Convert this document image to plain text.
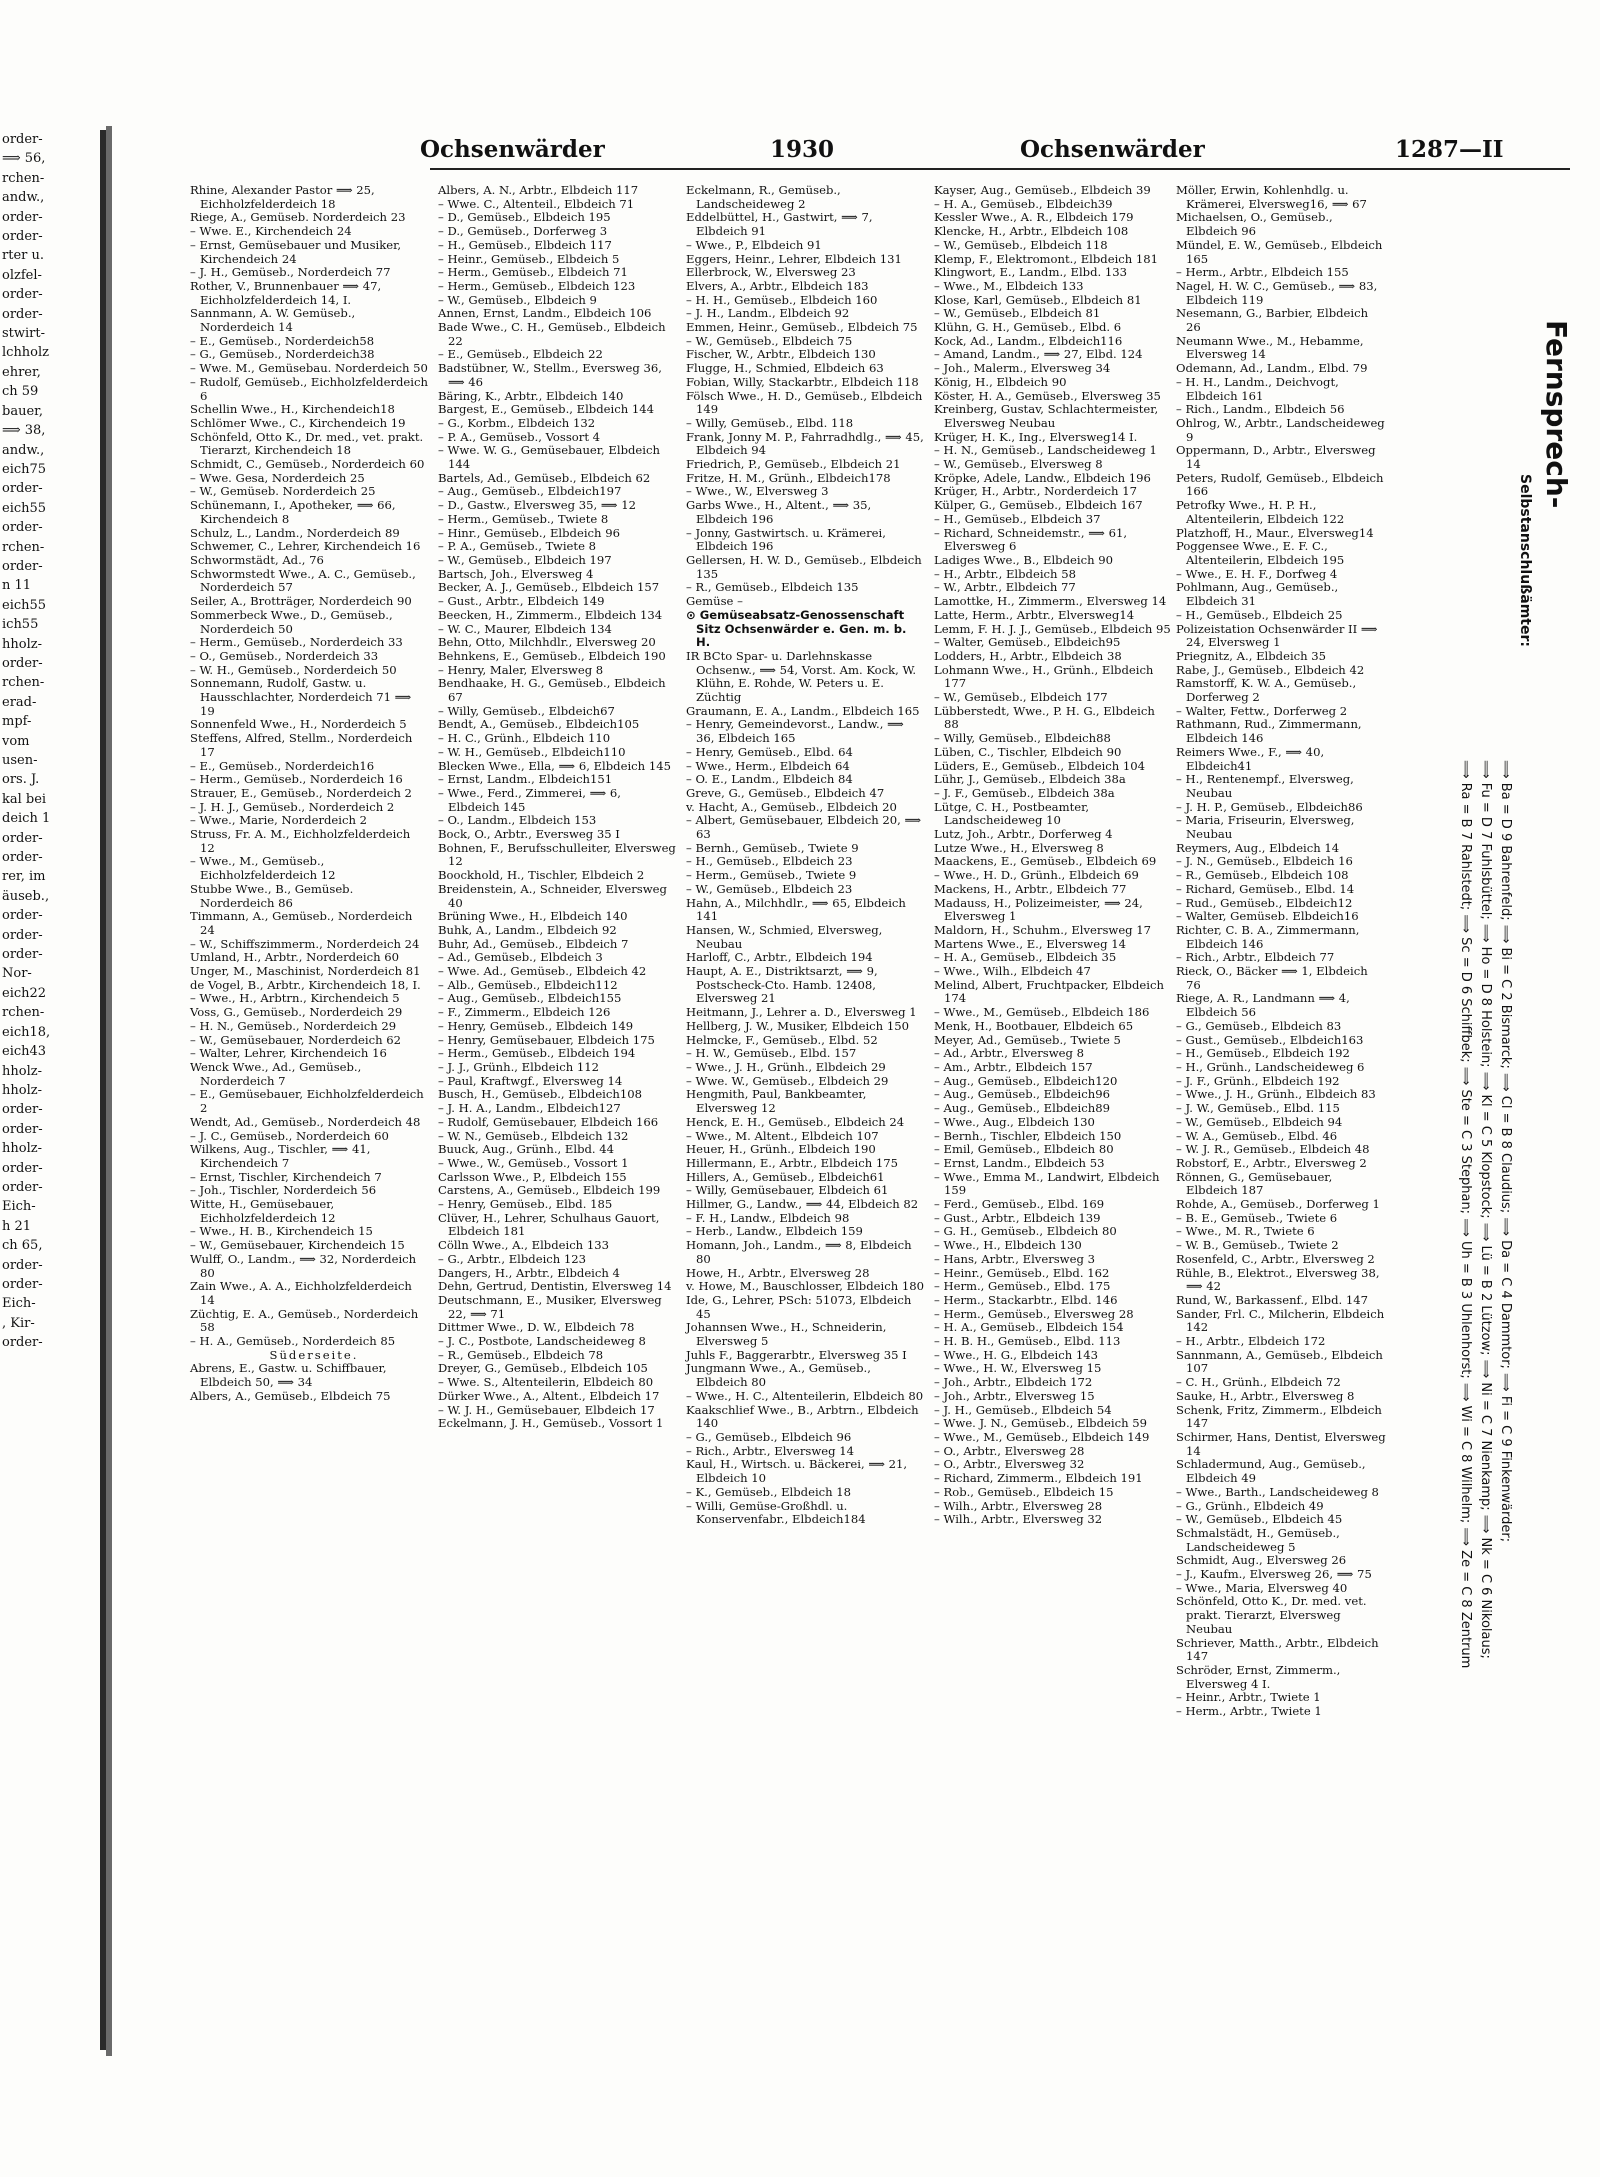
order-
⟹ 56,
rchen-
andw.,
order-
order-
rter u.
olzfel-
order-
order-
stwirt-
lchholz
ehrer,
ch 59
bauer,
⟹ 38,
andw.,
eich75
order-
eich55
order-
rchen-
order-
n 11
eich55
ich55
hholz-
order-
rchen-
erad-
mpf-
vom
usen-
ors. J.
kal bei
deich 1
order-
order-
rer, im
äuseb.,
order-
order-
order-
Nor-
eich22
rchen-
eich18,
eich43
hholz-
hholz-
order-
order-
hholz-
order-
order-
Eich-
h 21
ch 65,
order-
order-
Eich-
, Kir-
order-
Ochsenwärder	1930	Ochsenwärder	1287—II

Rhine, Alexander Pastor ⟹ 25, Eichholzfelderdeich 18

Riege, A., Gemüseb. Norderdeich 23

– Wwe. E., Kirchendeich 24

– Ernst, Gemüsebauer und Musiker, Kirchendeich 24

– J. H., Gemüseb., Norderdeich 77

Rother, V., Brunnenbauer ⟹ 47, Eichholzfelderdeich 14, I.

Sannmann, A. W. Gemüseb., Norderdeich 14

– E., Gemüseb., Norderdeich58

– G., Gemüseb., Norderdeich38

– Wwe. M., Gemüsebau. Norderdeich 50

– Rudolf, Gemüseb., Eichholzfelderdeich 6

Schellin Wwe., H., Kirchendeich18

Schlömer Wwe., C., Kirchendeich 19

Schönfeld, Otto K., Dr. med., vet. prakt. Tierarzt, Kirchendeich 18

Schmidt, C., Gemüseb., Norderdeich 60

– Wwe. Gesa, Norderdeich 25

– W., Gemüseb. Norderdeich 25

Schünemann, I., Apotheker, ⟹ 66, Kirchendeich 8

Schulz, L., Landm., Norderdeich 89

Schwemer, C., Lehrer, Kirchendeich 16

Schwormstädt, Ad., 76

Schwormstedt Wwe., A. C., Gemüseb., Norderdeich 57

Seiler, A., Brotträger, Norderdeich 90

Sommerbeck Wwe., D., Gemüseb., Norderdeich 50

– Herm., Gemüseb., Norderdeich 33

– O., Gemüseb., Norderdeich 33

– W. H., Gemüseb., Norderdeich 50

Sonnemann, Rudolf, Gastw. u. Hausschlachter, Norderdeich 71 ⟹ 19

Sonnenfeld Wwe., H., Norderdeich 5

Steffens, Alfred, Stellm., Norderdeich 17

– E., Gemüseb., Norderdeich16

– Herm., Gemüseb., Norderdeich 16

Strauer, E., Gemüseb., Norderdeich 2

– J. H. J., Gemüseb., Norderdeich 2

– Wwe., Marie, Norderdeich 2

Struss, Fr. A. M., Eichholzfelderdeich 12

– Wwe., M., Gemüseb., Eichholzfelderdeich 12

Stubbe Wwe., B., Gemüseb. Norderdeich 86

Timmann, A., Gemüseb., Norderdeich 24

– W., Schiffszimmerm., Norderdeich 24

Umland, H., Arbtr., Norderdeich 60

Unger, M., Maschinist, Norderdeich 81

de Vogel, B., Arbtr., Kirchendeich 18, I.

– Wwe., H., Arbtrn., Kirchendeich 5

Voss, G., Gemüseb., Norderdeich 29

– H. N., Gemüseb., Norderdeich 29

– W., Gemüsebauer, Norderdeich 62

– Walter, Lehrer, Kirchendeich 16

Wenck Wwe., Ad., Gemüseb., Norderdeich 7

– E., Gemüsebauer, Eichholzfelderdeich 2

Wendt, Ad., Gemüseb., Norderdeich 48

– J. C., Gemüseb., Norderdeich 60

Wilkens, Aug., Tischler, ⟹ 41, Kirchendeich 7

– Ernst, Tischler, Kirchendeich 7

– Joh., Tischler, Norderdeich 56

Witte, H., Gemüsebauer, Eichholzfelderdeich 12

– Wwe., H. B., Kirchendeich 15

– W., Gemüsebauer, Kirchendeich 15

Wulff, O., Landm., ⟹ 32, Norderdeich 80

Zain Wwe., A. A., Eichholzfelderdeich 14

Züchtig, E. A., Gemüseb., Norderdeich 58

– H. A., Gemüseb., Norderdeich 85

Süderseite.

Abrens, E., Gastw. u. Schiffbauer, Elbdeich 50, ⟹ 34

Albers, A., Gemüseb., Elbdeich 75

Albers, A. N., Arbtr., Elbdeich 117

– Wwe. C., Altenteil., Elbdeich 71

– D., Gemüseb., Elbdeich 195

– D., Gemüseb., Dorferweg 3

– H., Gemüseb., Elbdeich 117

– Heinr., Gemüseb., Elbdeich 5

– Herm., Gemüseb., Elbdeich 71

– Herm., Gemüseb., Elbdeich 123

– W., Gemüseb., Elbdeich 9

Annen, Ernst, Landm., Elbdeich 106

Bade Wwe., C. H., Gemüseb., Elbdeich 22

– E., Gemüseb., Elbdeich 22

Badstübner, W., Stellm., Eversweg 36, ⟹ 46

Bäring, K., Arbtr., Elbdeich 140

Bargest, E., Gemüseb., Elbdeich 144

– G., Korbm., Elbdeich 132

– P. A., Gemüseb., Vossort 4

– Wwe. W. G., Gemüsebauer, Elbdeich 144

Bartels, Ad., Gemüseb., Elbdeich 62

– Aug., Gemüseb., Elbdeich197

– D., Gastw., Elversweg 35, ⟹ 12

– Herm., Gemüseb., Twiete 8

– Hinr., Gemüseb., Elbdeich 96

– P. A., Gemüseb., Twiete 8

– W., Gemüseb., Elbdeich 197

Bartsch, Joh., Elversweg 4

Becker, A. J., Gemüseb., Elbdeich 157

– Gust., Arbtr., Elbdeich 149

Beecken, H., Zimmerm., Elbdeich 134

– W. C., Maurer, Elbdeich 134

Behn, Otto, Milchhdlr., Elversweg 20

Behnkens, E., Gemüseb., Elbdeich 190

– Henry, Maler, Elversweg 8

Bendhaake, H. G., Gemüseb., Elbdeich 67

– Willy, Gemüseb., Elbdeich67

Bendt, A., Gemüseb., Elbdeich105

– H. C., Grünh., Elbdeich 110

– W. H., Gemüseb., Elbdeich110

Blecken Wwe., Ella, ⟹ 6, Elbdeich 145

– Ernst, Landm., Elbdeich151

– Wwe., Ferd., Zimmerei, ⟹ 6, Elbdeich 145

– O., Landm., Elbdeich 153

Bock, O., Arbtr., Eversweg 35 I

Bohnen, F., Berufsschulleiter, Elversweg 12

Boockhold, H., Tischler, Elbdeich 2

Breidenstein, A., Schneider, Elversweg 40

Brüning Wwe., H., Elbdeich 140

Buhk, A., Landm., Elbdeich 92

Buhr, Ad., Gemüseb., Elbdeich 7

– Ad., Gemüseb., Elbdeich 3

– Wwe. Ad., Gemüseb., Elbdeich 42

– Alb., Gemüseb., Elbdeich112

– Aug., Gemüseb., Elbdeich155

– F., Zimmerm., Elbdeich 126

– Henry, Gemüseb., Elbdeich 149

– Henry, Gemüsebauer, Elbdeich 175

– Herm., Gemüseb., Elbdeich 194

– J. J., Grünh., Elbdeich 112

– Paul, Kraftwgf., Elversweg 14

Busch, H., Gemüseb., Elbdeich108

– J. H. A., Landm., Elbdeich127

– Rudolf, Gemüsebauer, Elbdeich 166

– W. N., Gemüseb., Elbdeich 132

Buuck, Aug., Grünh., Elbd. 44

– Wwe., W., Gemüseb., Vossort 1

Carlsson Wwe., P., Elbdeich 155

Carstens, A., Gemüseb., Elbdeich 199

– Henry, Gemüseb., Elbd. 185

Clüver, H., Lehrer, Schulhaus Gauort, Elbdeich 181

Cölln Wwe., A., Elbdeich 133

– G., Arbtr., Elbdeich 123

Dangers, H., Arbtr., Elbdeich 4

Dehn, Gertrud, Dentistin, Elversweg 14

Deutschmann, E., Musiker, Elversweg 22, ⟹ 71

Dittmer Wwe., D. W., Elbdeich 78

– J. C., Postbote, Landscheideweg 8

– R., Gemüseb., Elbdeich 78

Dreyer, G., Gemüseb., Elbdeich 105

– Wwe. S., Altenteilerin, Elbdeich 80

Dürker Wwe., A., Altent., Elbdeich 17

– W. J. H., Gemüsebauer, Elbdeich 17

Eckelmann, J. H., Gemüseb., Vossort 1

Eckelmann, R., Gemüseb., Landscheideweg 2

Eddelbüttel, H., Gastwirt, ⟹ 7, Elbdeich 91

– Wwe., P., Elbdeich 91

Eggers, Heinr., Lehrer, Elbdeich 131

Ellerbrock, W., Elversweg 23

Elvers, A., Arbtr., Elbdeich 183

– H. H., Gemüseb., Elbdeich 160

– J. H., Landm., Elbdeich 92

Emmen, Heinr., Gemüseb., Elbdeich 75

– W., Gemüseb., Elbdeich 75

Fischer, W., Arbtr., Elbdeich 130

Flugge, H., Schmied, Elbdeich 63

Fobian, Willy, Stackarbtr., Elbdeich 118

Fölsch Wwe., H. D., Gemüseb., Elbdeich 149

– Willy, Gemüseb., Elbd. 118

Frank, Jonny M. P., Fahrradhdlg., ⟹ 45, Elbdeich 94

Friedrich, P., Gemüseb., Elbdeich 21

Fritze, H. M., Grünh., Elbdeich178

– Wwe., W., Elversweg 3

Garbs Wwe., H., Altent., ⟹ 35, Elbdeich 196

– Jonny, Gastwirtsch. u. Krämerei, Elbdeich 196

Gellersen, H. W. D., Gemüseb., Elbdeich 135

– R., Gemüseb., Elbdeich 135

Gemüse –

⊙ Gemüseabsatz-Genossenschaft Sitz Ochsenwärder e. Gen. m. b. H.

IR BCto Spar- u. Darlehnskasse Ochsenw., ⟹ 54, Vorst. Am. Kock, W. Klühn, E. Rohde, W. Peters u. E. Züchtig

Graumann, E. A., Landm., Elbdeich 165

– Henry, Gemeindevorst., Landw., ⟹ 36, Elbdeich 165

– Henry, Gemüseb., Elbd. 64

– Wwe., Herm., Elbdeich 64

– O. E., Landm., Elbdeich 84

Greve, G., Gemüseb., Elbdeich 47

v. Hacht, A., Gemüseb., Elbdeich 20

– Albert, Gemüsebauer, Elbdeich 20, ⟹ 63

– Bernh., Gemüseb., Twiete 9

– H., Gemüseb., Elbdeich 23

– Herm., Gemüseb., Twiete 9

– W., Gemüseb., Elbdeich 23

Hahn, A., Milchhdlr., ⟹ 65, Elbdeich 141

Hansen, W., Schmied, Elversweg, Neubau

Harloff, C., Arbtr., Elbdeich 194

Haupt, A. E., Distriktsarzt, ⟹ 9, Postscheck-Cto. Hamb. 12408, Elversweg 21

Heitmann, J., Lehrer a. D., Elversweg 1

Hellberg, J. W., Musiker, Elbdeich 150

Helmcke, F., Gemüseb., Elbd. 52

– H. W., Gemüseb., Elbd. 157

– Wwe., J. H., Grünh., Elbdeich 29

– Wwe. W., Gemüseb., Elbdeich 29

Hengmith, Paul, Bankbeamter, Elversweg 12

Henck, E. H., Gemüseb., Elbdeich 24

– Wwe., M. Altent., Elbdeich 107

Heuer, H., Grünh., Elbdeich 190

Hillermann, E., Arbtr., Elbdeich 175

Hillers, A., Gemüseb., Elbdeich61

– Willy, Gemüsebauer, Elbdeich 61

Hillmer, G., Landw., ⟹ 44, Elbdeich 82

– F. H., Landw., Elbdeich 98

– Herb., Landw., Elbdeich 159

Homann, Joh., Landm., ⟹ 8, Elbdeich 80

Howe, H., Arbtr., Elversweg 28

v. Howe, M., Bauschlosser, Elbdeich 180

Ide, G., Lehrer, PSch: 51073, Elbdeich 45

Johannsen Wwe., H., Schneiderin, Elversweg 5

Juhls F., Baggerarbtr., Elversweg 35 I

Jungmann Wwe., A., Gemüseb., Elbdeich 80

– Wwe., H. C., Altenteilerin, Elbdeich 80

Kaakschlief Wwe., B., Arbtrn., Elbdeich 140

– G., Gemüseb., Elbdeich 96

– Rich., Arbtr., Elversweg 14

Kaul, H., Wirtsch. u. Bäckerei, ⟹ 21, Elbdeich 10

– K., Gemüseb., Elbdeich 18

– Willi, Gemüse-Großhdl. u. Konservenfabr., Elbdeich184

Kayser, Aug., Gemüseb., Elbdeich 39

– H. A., Gemüseb., Elbdeich39

Kessler Wwe., A. R., Elbdeich 179

Klencke, H., Arbtr., Elbdeich 108

– W., Gemüseb., Elbdeich 118

Klemp, F., Elektromont., Elbdeich 181

Klingwort, E., Landm., Elbd. 133

– Wwe., M., Elbdeich 133

Klose, Karl, Gemüseb., Elbdeich 81

– W., Gemüseb., Elbdeich 81

Klühn, G. H., Gemüseb., Elbd. 6

Kock, Ad., Landm., Elbdeich116

– Amand, Landm., ⟹ 27, Elbd. 124

– Joh., Malerm., Elversweg 34

König, H., Elbdeich 90

Köster, H. A., Gemüseb., Elversweg 35

Kreinberg, Gustav, Schlachtermeister, Elversweg Neubau

Krüger, H. K., Ing., Elversweg14 I.

– H. N., Gemüseb., Landscheideweg 1

– W., Gemüseb., Elversweg 8

Kröpke, Adele, Landw., Elbdeich 196

Krüger, H., Arbtr., Norderdeich 17

Külper, G., Gemüseb., Elbdeich 167

– H., Gemüseb., Elbdeich 37

– Richard, Schneidemstr., ⟹ 61, Elversweg 6

Ladiges Wwe., B., Elbdeich 90

– H., Arbtr., Elbdeich 58

– W., Arbtr., Elbdeich 77

Lamottke, H., Zimmerm., Elversweg 14

Latte, Herm., Arbtr., Elversweg14

Lemm, F. H. J. J., Gemüseb., Elbdeich 95

– Walter, Gemüseb., Elbdeich95

Lodders, H., Arbtr., Elbdeich 38

Lohmann Wwe., H., Grünh., Elbdeich 177

– W., Gemüseb., Elbdeich 177

Lübberstedt, Wwe., P. H. G., Elbdeich 88

– Willy, Gemüseb., Elbdeich88

Lüben, C., Tischler, Elbdeich 90

Lüders, E., Gemüseb., Elbdeich 104

Lühr, J., Gemüseb., Elbdeich 38a

– J. F., Gemüseb., Elbdeich 38a

Lütge, C. H., Postbeamter, Landscheideweg 10

Lutz, Joh., Arbtr., Dorferweg 4

Lutze Wwe., H., Elversweg 8

Maackens, E., Gemüseb., Elbdeich 69

– Wwe., H. D., Grünh., Elbdeich 69

Mackens, H., Arbtr., Elbdeich 77

Madauss, H., Polizeimeister, ⟹ 24, Elversweg 1

Maldorn, H., Schuhm., Elversweg 17

Martens Wwe., E., Elversweg 14

– H. A., Gemüseb., Elbdeich 35

– Wwe., Wilh., Elbdeich 47

Melind, Albert, Fruchtpacker, Elbdeich 174

– Wwe., M., Gemüseb., Elbdeich 186

Menk, H., Bootbauer, Elbdeich 65

Meyer, Ad., Gemüseb., Twiete 5

– Ad., Arbtr., Elversweg 8

– Am., Arbtr., Elbdeich 157

– Aug., Gemüseb., Elbdeich120

– Aug., Gemüseb., Elbdeich96

– Aug., Gemüseb., Elbdeich89

– Wwe., Aug., Elbdeich 130

– Bernh., Tischler, Elbdeich 150

– Emil, Gemüseb., Elbdeich 80

– Ernst, Landm., Elbdeich 53

– Wwe., Emma M., Landwirt, Elbdeich 159

– Ferd., Gemüseb., Elbd. 169

– Gust., Arbtr., Elbdeich 139

– G. H., Gemüseb., Elbdeich 80

– Wwe., H., Elbdeich 130

– Hans, Arbtr., Elversweg 3

– Heinr., Gemüseb., Elbd. 162

– Herm., Gemüseb., Elbd. 175

– Herm., Stackarbtr., Elbd. 146

– Herm., Gemüseb., Elversweg 28

– H. A., Gemüseb., Elbdeich 154

– H. B. H., Gemüseb., Elbd. 113

– Wwe., H. G., Elbdeich 143

– Wwe., H. W., Elversweg 15

– Joh., Arbtr., Elbdeich 172

– Joh., Arbtr., Elversweg 15

– J. H., Gemüseb., Elbdeich 54

– Wwe. J. N., Gemüseb., Elbdeich 59

– Wwe., M., Gemüseb., Elbdeich 149

– O., Arbtr., Elversweg 28

– O., Arbtr., Elversweg 32

– Richard, Zimmerm., Elbdeich 191

– Rob., Gemüseb., Elbdeich 15

– Wilh., Arbtr., Elversweg 28

– Wilh., Arbtr., Elversweg 32

Möller, Erwin, Kohlenhdlg. u. Krämerei, Elversweg16, ⟹ 67

Michaelsen, O., Gemüseb., Elbdeich 96

Mündel, E. W., Gemüseb., Elbdeich 165

– Herm., Arbtr., Elbdeich 155

Nagel, H. W. C., Gemüseb., ⟹ 83, Elbdeich 119

Nesemann, G., Barbier, Elbdeich 26

Neumann Wwe., M., Hebamme, Elversweg 14

Odemann, Ad., Landm., Elbd. 79

– H. H., Landm., Deichvogt, Elbdeich 161

– Rich., Landm., Elbdeich 56

Ohlrog, W., Arbtr., Landscheideweg 9

Oppermann, D., Arbtr., Elversweg 14

Peters, Rudolf, Gemüseb., Elbdeich 166

Petrofky Wwe., H. P. H., Altenteilerin, Elbdeich 122

Platzhoff, H., Maur., Elversweg14

Poggensee Wwe., E. F. C., Altenteilerin, Elbdeich 195

– Wwe., E. H. F., Dorfweg 4

Pohlmann, Aug., Gemüseb., Elbdeich 31

– H., Gemüseb., Elbdeich 25

Polizeistation Ochsenwärder II ⟹ 24, Elversweg 1

Priegnitz, A., Elbdeich 35

Rabe, J., Gemüseb., Elbdeich 42

Ramstorff, K. W. A., Gemüseb., Dorferweg 2

– Walter, Fettw., Dorferweg 2

Rathmann, Rud., Zimmermann, Elbdeich 146

Reimers Wwe., F., ⟹ 40, Elbdeich41

– H., Rentenempf., Elversweg, Neubau

– J. H. P., Gemüseb., Elbdeich86

– Maria, Friseurin, Elversweg, Neubau

Reymers, Aug., Elbdeich 14

– J. N., Gemüseb., Elbdeich 16

– R., Gemüseb., Elbdeich 108

– Richard, Gemüseb., Elbd. 14

– Rud., Gemüseb., Elbdeich12

– Walter, Gemüseb. Elbdeich16

Richter, C. B. A., Zimmermann, Elbdeich 146

– Rich., Arbtr., Elbdeich 77

Rieck, O., Bäcker ⟹ 1, Elbdeich 76

Riege, A. R., Landmann ⟹ 4, Elbdeich 56

– G., Gemüseb., Elbdeich 83

– Gust., Gemüseb., Elbdeich163

– H., Gemüseb., Elbdeich 192

– H., Grünh., Landscheideweg 6

– J. F., Grünh., Elbdeich 192

– Wwe., J. H., Grünh., Elbdeich 83

– J. W., Gemüseb., Elbd. 115

– W., Gemüseb., Elbdeich 94

– W. A., Gemüseb., Elbd. 46

– W. J. R., Gemüseb., Elbdeich 48

Robstorf, E., Arbtr., Elversweg 2

Rönnen, G., Gemüsebauer, Elbdeich 187

Rohde, A., Gemüseb., Dorferweg 1

– B. E., Gemüseb., Twiete 6

– Wwe., M. R., Twiete 6

– W. B., Gemüseb., Twiete 2

Rosenfeld, C., Arbtr., Elversweg 2

Rühle, B., Elektrot., Elversweg 38, ⟹ 42

Rund, W., Barkassenf., Elbd. 147

Sander, Frl. C., Milcherin, Elbdeich 142

– H., Arbtr., Elbdeich 172

Sannmann, A., Gemüseb., Elbdeich 107

– C. H., Grünh., Elbdeich 72

Sauke, H., Arbtr., Elversweg 8

Schenk, Fritz, Zimmerm., Elbdeich 147

Schirmer, Hans, Dentist, Elversweg 14

Schladermund, Aug., Gemüseb., Elbdeich 49

– Wwe., Barth., Landscheideweg 8

– G., Grünh., Elbdeich 49

– W., Gemüseb., Elbdeich 45

Schmalstädt, H., Gemüseb., Landscheideweg 5

Schmidt, Aug., Elversweg 26

– J., Kaufm., Elversweg 26, ⟹ 75

– Wwe., Maria, Elversweg 40

Schönfeld, Otto K., Dr. med. vet. prakt. Tierarzt, Elversweg Neubau

Schriever, Matth., Arbtr., Elbdeich 147

Schröder, Ernst, Zimmerm., Elversweg 4 I.

– Heinr., Arbtr., Twiete 1

– Herm., Arbtr., Twiete 1

Fernsprech-
Selbstanschlußämter:
⟹ Ba = D 9 Bahrenfeld; ⟹ Bi = C 2 Bismarck; ⟹ Cl = B 8 Claudius; ⟹ Da = C 4 Dammtor; ⟹ Fi = C 9 Finkenwärder;
⟹ Fu = D 7 Fuhlsbüttel; ⟹ Ho = D 8 Holstein; ⟹ Kl = C 5 Klopstock; ⟹ Lü = B 2 Lützow; ⟹ Ni = C 7 Nienkamp; ⟹ Nk = C 6 Nikolaus;
⟹ Ra = B 7 Rahlstedt; ⟹ Sc = D 6 Schiffbek; ⟹ Ste = C 3 Stephan; ⟹ Uh = B 3 Uhlenhorst; ⟹ Wi = C 8 Wilhelm; ⟹ Ze = C 8 Zentrum
